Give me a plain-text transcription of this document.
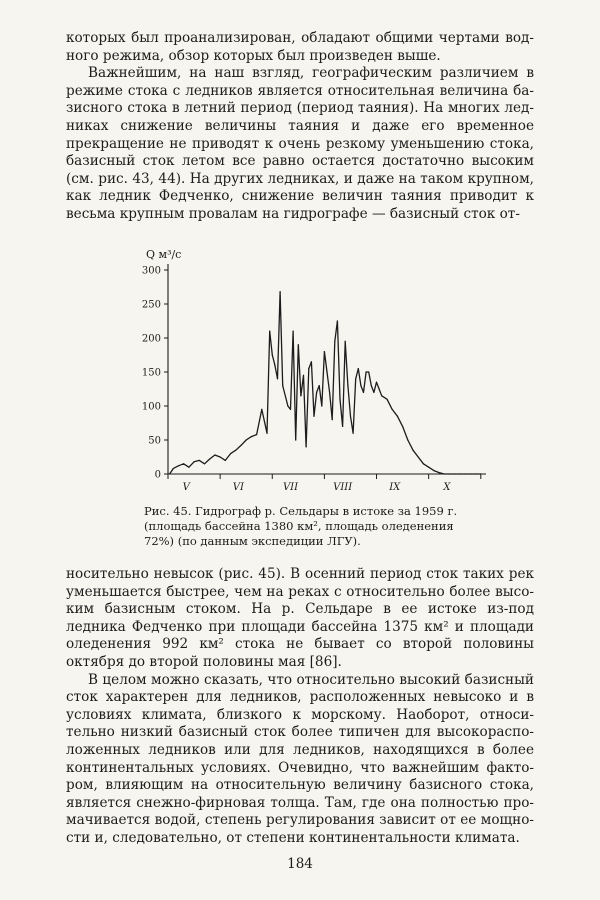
которых был проанализирован, обладают общими чертами водного режима, обзор которых был произведен выше.

Важнейшим, на наш взгляд, географическим различием в режиме стока с ледников является относительная величина базисного стока в летний период (период таяния). На многих ледниках снижение величины таяния и даже его временное прекращение не приводят к очень резкому уменьшению стока, базисный сток летом все равно остается достаточно высоким (см. рис. 43, 44). На других ледниках, и даже на таком крупном, как ледник Федченко, снижение величин таяния приводит к весьма крупным провалам на гидрографе — базисный сток от-

0
50
100
150
200
250
300
Q м³/с
V	VI	VII	VIII	IX	X

Рис. 45. Гидрограф р. Сельдары в истоке за 1959 г. (площадь бассейна 1380 км², площадь оледенения 72%) (по данным экспедиции ЛГУ).

носительно невысок (рис. 45). В осенний период сток таких рек уменьшается быстрее, чем на реках с относительно более высоким базисным стоком. На р. Сельдаре в ее истоке из-под ледника Федченко при площади бассейна 1375 км² и площади оледенения 992 км² стока не бывает со второй половины октября до второй половины мая [86].

В целом можно сказать, что относительно высокий базисный сток характерен для ледников, расположенных невысоко и в условиях климата, близкого к морскому. Наоборот, относительно низкий базисный сток более типичен для высокорасположенных ледников или для ледников, находящихся в более континентальных условиях. Очевидно, что важнейшим фактором, влияющим на относительную величину базисного стока, является снежно-фирновая толща. Там, где она полностью промачивается водой, степень регулирования зависит от ее мощности и, следовательно, от степени континентальности климата.

184
